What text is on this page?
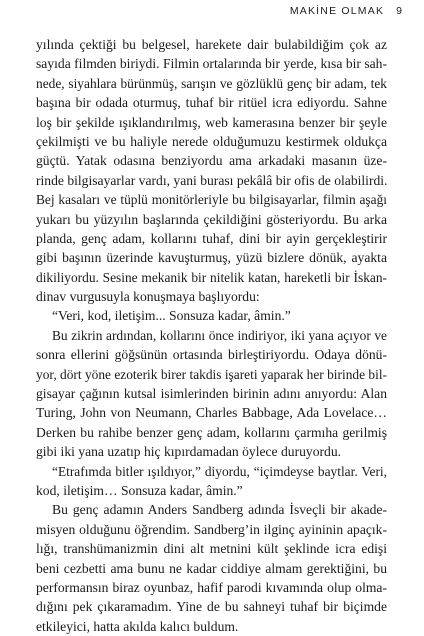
MAKİNE OLMAK 9
yılında çektiği bu belgesel, harekete dair bulabildiğim çok az
sayıda filmden biriydi. Filmin ortalarında bir yerde, kısa bir sah-
nede, siyahlara bürünmüş, sarışın ve gözlüklü genç bir adam, tek
başına bir odada oturmuş, tuhaf bir ritüel icra ediyordu. Sahne
loş bir şekilde ışıklandırılmış, web kamerasına benzer bir şeyle
çekilmişti ve bu haliyle nerede olduğumuzu kestirmek oldukça
güçtü. Yatak odasına benziyordu ama arkadaki masanın üze-
rinde bilgisayarlar vardı, yani burası pekâlâ bir ofis de olabilirdi.
Bej kasaları ve tüplü monitörleriyle bu bilgisayarlar, filmin aşağı
yukarı bu yüzyılın başlarında çekildiğini gösteriyordu. Bu arka
planda, genç adam, kollarını tuhaf, dini bir ayin gerçekleştirir
gibi başının üzerinde kavuşturmuş, yüzü bizlere dönük, ayakta
dikiliyordu. Sesine mekanik bir nitelik katan, hareketli bir İskan-
dinav vurgusuyla konuşmaya başlıyordu:
“Veri, kod, iletişim... Sonsuza kadar, âmin.”
Bu zikrin ardından, kollarını önce indiriyor, iki yana açıyor ve
sonra ellerini göğsünün ortasında birleştiriyordu. Odaya dönü-
yor, dört yöne ezoterik birer takdis işareti yaparak her birinde bil-
gisayar çağının kutsal isimlerinden birinin adını anıyordu: Alan
Turing, John von Neumann, Charles Babbage, Ada Lovelace…
Derken bu rahibe benzer genç adam, kollarını çarmıha gerilmiş
gibi iki yana uzatıp hiç kıpırdamadan öylece duruyordu.
“Etrafımda bitler ışıldıyor,” diyordu, “içimdeyse baytlar. Veri,
kod, iletişim… Sonsuza kadar, âmin.”
Bu genç adamın Anders Sandberg adında İsveçli bir akade-
misyen olduğunu öğrendim. Sandberg’in ilginç ayininin apaçık-
lığı, transhümanizmin dini alt metnini kült şeklinde icra edişi
beni cezbetti ama bunu ne kadar ciddiye almam gerektiğini, bu
performansın biraz oyunbaz, hafif parodi kıvamında olup olma-
dığını pek çıkaramadım. Yine de bu sahneyi tuhaf bir biçimde
etkileyici, hatta akılda kalıcı buldum.
